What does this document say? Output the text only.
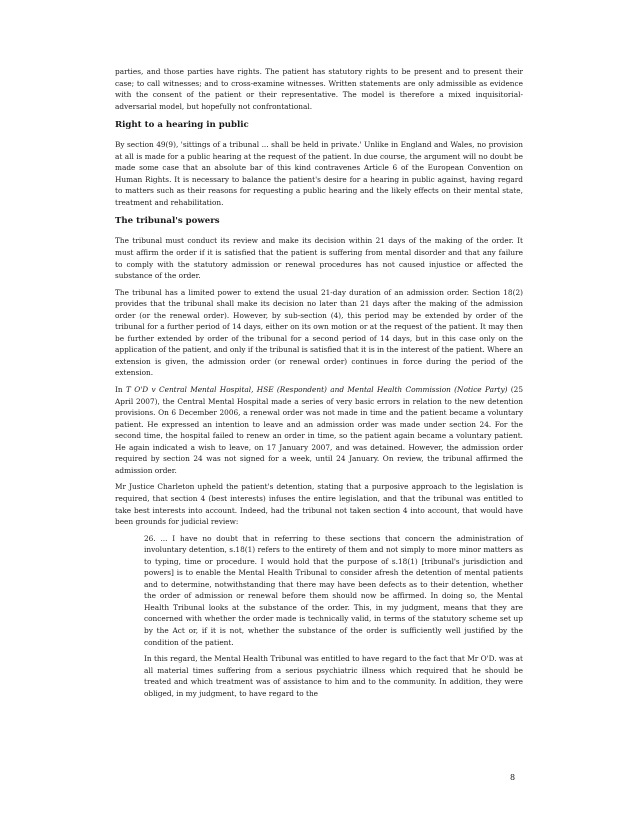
parties, and those parties have rights. The patient has statutory rights to be present and to present their case; to call witnesses; and to cross-examine witnesses. Written statements are only admissible as evidence with the consent of the patient or their representative. The model is therefore a mixed inquisitorial-adversarial model, but hopefully not confrontational.

Right to a hearing in public

By section 49(9), 'sittings of a tribunal ... shall be held in private.' Unlike in England and Wales, no provision at all is made for a public hearing at the request of the patient. In due course, the argument will no doubt be made some case that an absolute bar of this kind contravenes Article 6 of the European Convention on Human Rights. It is necessary to balance the patient's desire for a hearing in public against, having regard to matters such as their reasons for requesting a public hearing and the likely effects on their mental state, treatment and rehabilitation.

The tribunal's powers

The tribunal must conduct its review and make its decision within 21 days of the making of the order. It must affirm the order if it is satisfied that the patient is suffering from mental disorder and that any failure to comply with the statutory admission or renewal procedures has not caused injustice or affected the substance of the order.

The tribunal has a limited power to extend the usual 21-day duration of an admission order. Section 18(2) provides that the tribunal shall make its decision no later than 21 days after the making of the admission order (or the renewal order). However, by sub-section (4), this period may be extended by order of the tribunal for a further period of 14 days, either on its own motion or at the request of the patient. It may then be further extended by order of the tribunal for a second period of 14 days, but in this case only on the application of the patient, and only if the tribunal is satisfied that it is in the interest of the patient. Where an extension is given, the admission order (or renewal order) continues in force during the period of the extension.

In T O'D v Central Mental Hospital, HSE (Respondent) and Mental Health Commission (Notice Party) (25 April 2007), the Central Mental Hospital made a series of very basic errors in relation to the new detention provisions. On 6 December 2006, a renewal order was not made in time and the patient became a voluntary patient. He expressed an intention to leave and an admission order was made under section 24. For the second time, the hospital failed to renew an order in time, so the patient again became a voluntary patient. He again indicated a wish to leave, on 17 January 2007, and was detained. However, the admission order required by section 24 was not signed for a week, until 24 January. On review, the tribunal affirmed the admission order.

Mr Justice Charleton upheld the patient's detention, stating that a purposive approach to the legislation is required, that section 4 (best interests) infuses the entire legislation, and that the tribunal was entitled to take best interests into account. Indeed, had the tribunal not taken section 4 into account, that would have been grounds for judicial review:

26. ... I have no doubt that in referring to these sections that concern the administration of involuntary detention, s.18(1) refers to the entirety of them and not simply to more minor matters as to typing, time or procedure. I would hold that the purpose of s.18(1) [tribunal's jurisdiction and powers] is to enable the Mental Health Tribunal to consider afresh the detention of mental patients and to determine, notwithstanding that there may have been defects as to their detention, whether the order of admission or renewal before them should now be affirmed. In doing so, the Mental Health Tribunal looks at the substance of the order. This, in my judgment, means that they are concerned with whether the order made is technically valid, in terms of the statutory scheme set up by the Act or, if it is not, whether the substance of the order is sufficiently well justified by the condition of the patient.

In this regard, the Mental Health Tribunal was entitled to have regard to the fact that Mr O'D. was at all material times suffering from a serious psychiatric illness which required that he should be treated and which treatment was of assistance to him and to the community. In addition, they were obliged, in my judgment, to have regard to the

8
